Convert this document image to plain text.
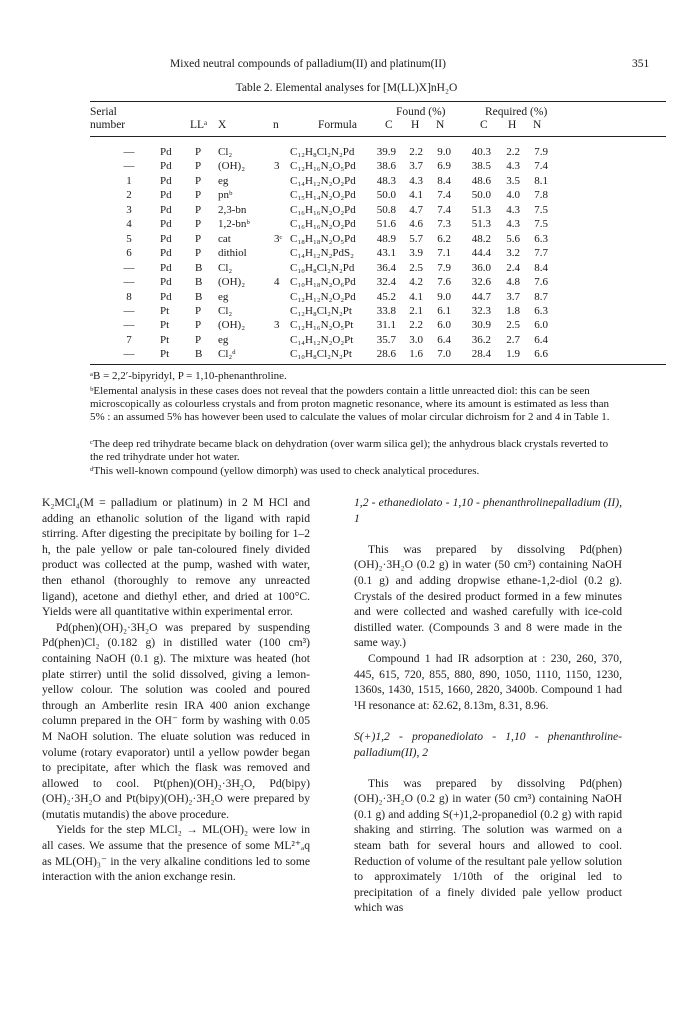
Mixed neutral compounds of palladium(II) and platinum(II)	351
Table 2. Elemental analyses for [M(LL)X]nH₂O
Serial
number	LLᵃ X	n	Formula
Found (%)	Required (%)
C H N	C H N
— Pd P Cl₂	C₁₂H₈Cl₂N₂Pd	39.9	2.2	9.0	40.3	2.2	7.9
— Pd P (OH)₂	3 C₁₂H₁₆N₂O₅Pd	38.6	3.7	6.9	38.5	4.3	7.4
1	Pd P eg	C₁₄H₁₂N₂O₂Pd	48.3	4.3	8.4	48.6	3.5	8.1
2	Pd P pnᵇ	C₁₅H₁₄N₂O₂Pd	50.0	4.1	7.4	50.0	4.0	7.8
3	Pd P 2,3-bn	C₁₆H₁₆N₂O₂Pd	50.8	4.7	7.4	51.3	4.3	7.5
4	Pd P 1,2-bnᵇ	C₁₆H₁₆N₂O₂Pd	51.6	4.6	7.3	51.3	4.3	7.5
5	Pd P cat	3ᶜ C₁₈H₁₈N₂O₅Pd	48.9	5.7	6.2	48.2	5.6	6.3
6	Pd P dithiol	C₁₄H₁₂N₂PdS₂	43.1	3.9	7.1	44.4	3.2	7.7
— Pd B Cl₂	C₁₀H₈Cl₂N₂Pd	36.4	2.5	7.9	36.0	2.4	8.4
— Pd B (OH)₂	4 C₁₀H₁₈N₂O₆Pd	32.4	4.2	7.6	32.6	4.8	7.6
8	Pd B eg	C₁₂H₁₂N₂O₂Pd	45.2	4.1	9.0	44.7	3.7	8.7
— Pt P Cl₂	C₁₂H₈Cl₂N₂Pt	33.8	2.1	6.1	32.3	1.8	6.3
— Pt P (OH)₂	3 C₁₂H₁₆N₂O₅Pt	31.1	2.2	6.0	30.9	2.5	6.0
7	Pt P eg	C₁₄H₁₂N₂O₂Pt	35.7	3.0	6.4	36.2	2.7	6.4
— Pt B Cl₂ᵈ	C₁₀H₈Cl₂N₂Pt	28.6	1.6	7.0	28.4	1.9	6.6
ᵃB = 2,2′-bipyridyl, P = 1,10-phenanthroline.
ᵇElemental analysis in these cases does not reveal that the powders contain a little unreacted diol: this can be seen microscopically as colourless crystals and from proton magnetic resonance, where its amount is estimated as less than 5% : an assumed 5% has however been used to calculate the values of molar circular dichroism for 2 and 4 in Table 1.
ᶜThe deep red trihydrate became black on dehydration (over warm silica gel); the anhydrous black crystals reverted to the red trihydrate under hot water.
ᵈThis well-known compound (yellow dimorph) was used to check analytical procedures.

K₂MCl₄(M = palladium or platinum) in 2 M HCl and adding an ethanolic solution of the ligand with rapid stirring. After digesting the precipitate by boiling for 1–2 h, the pale yellow or pale tan-coloured finely divided product was collected at the pump, washed with water, then ethanol (thoroughly to remove any unreacted ligand), acetone and diethyl ether, and dried at 100°C. Yields were all quantitative within experimental error.

Pd(phen)(OH)₂·3H₂O was prepared by suspending Pd(phen)Cl₂ (0.182 g) in distilled water (100 cm³) containing NaOH (0.1 g). The mixture was heated (hot plate stirrer) until the solid dissolved, giving a lemon-yellow colour. The solution was cooled and poured through an Amberlite resin IRA 400 anion exchange column prepared in the OH⁻ form by washing with 0.05 M NaOH solution. The eluate solution was reduced in volume (rotary evaporator) until a yellow powder began to precipitate, after which the flask was removed and allowed to cool. Pt(phen)(OH)₂·3H₂O, Pd(bipy)(OH)₂·3H₂O and Pt(bipy)(OH)₂·3H₂O were prepared by (mutatis mutandis) the above procedure.

Yields for the step MLCl₂ → ML(OH)₂ were low in all cases. We assume that the presence of some ML²⁺ₐq as ML(OH)₃⁻ in the very alkaline conditions led to some interaction with the anion exchange resin.

1,2 - ethanediolato - 1,10 - phenanthrolinepalladium (II), 1

This was prepared by dissolving Pd(phen) (OH)₂·3H₂O (0.2 g) in water (50 cm³) containing NaOH (0.1 g) and adding dropwise ethane-1,2-diol (0.2 g). Crystals of the desired product formed in a few minutes and were collected and washed carefully with ice-cold distilled water. (Compounds 3 and 8 were made in the same way.)

Compound 1 had IR adsorption at : 230, 260, 370, 445, 615, 720, 855, 880, 890, 1050, 1110, 1150, 1230, 1360s, 1430, 1515, 1660, 2820, 3400b. Compound 1 had ¹H resonance at: δ2.62, 8.13m, 8.31, 8.96.

S(+)1,2 - propanediolato - 1,10 - phenanthroline-palladium(II), 2

This was prepared by dissolving Pd(phen) (OH)₂·3H₂O (0.2 g) in water (50 cm³) containing NaOH (0.1 g) and adding S(+)1,2-propanediol (0.2 g) with rapid shaking and stirring. The solution was warmed on a steam bath for several hours and allowed to cool. Reduction of volume of the resultant pale yellow solution to approximately 1/10th of the original led to precipitation of a finely divided pale yellow product which was
